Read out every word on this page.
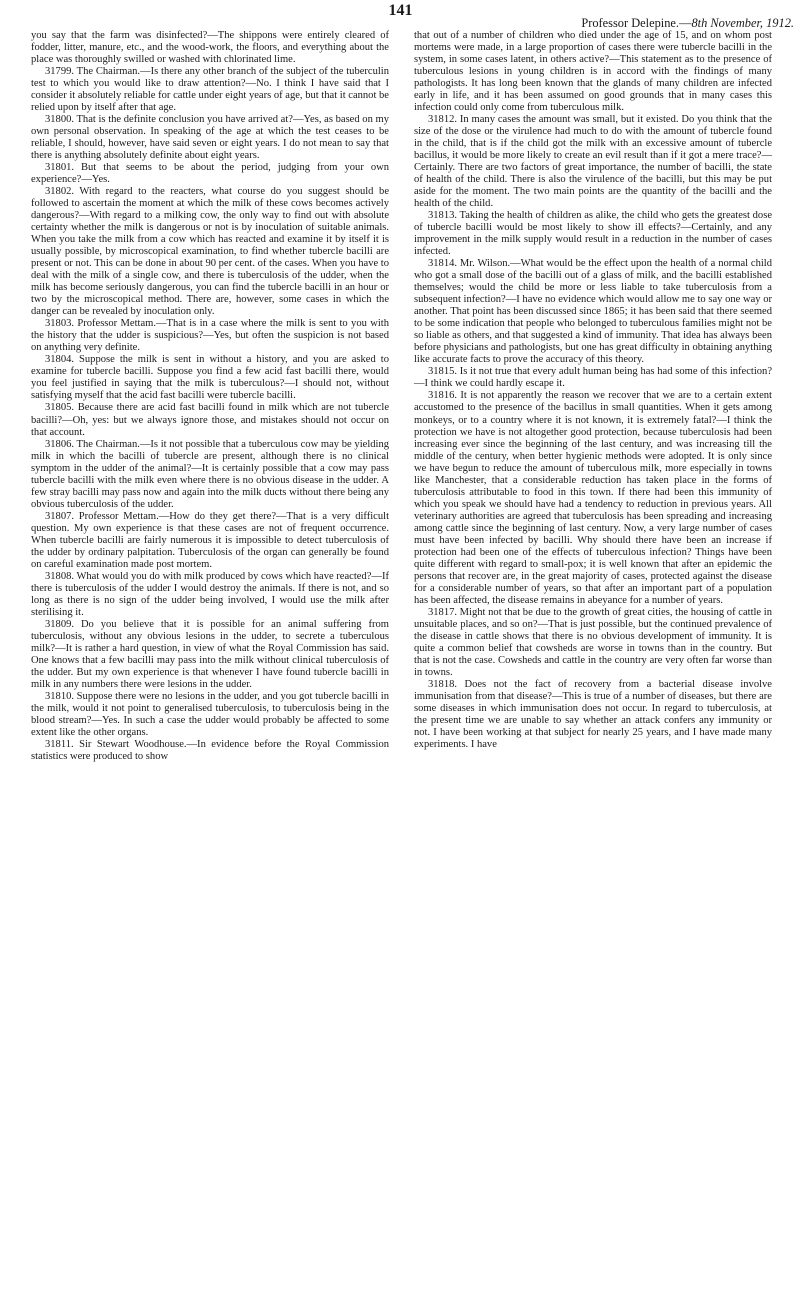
141
Professor Delepine.—8th November, 1912.

you say that the farm was disinfected?—The shippons were entirely cleared of fodder, litter, manure, etc., and the wood-work, the floors, and everything about the place was thoroughly swilled or washed with chlorinated lime.

31799. The Chairman.—Is there any other branch of the subject of the tuberculin test to which you would like to draw attention?—No. I think I have said that I consider it absolutely reliable for cattle under eight years of age, but that it cannot be relied upon by itself after that age.

31800. That is the definite conclusion you have arrived at?—Yes, as based on my own personal observation. In speaking of the age at which the test ceases to be reliable, I should, however, have said seven or eight years. I do not mean to say that there is anything absolutely definite about eight years.

31801. But that seems to be about the period, judging from your own experience?—Yes.

31802. With regard to the reacters, what course do you suggest should be followed to ascertain the moment at which the milk of these cows becomes actively dangerous?—With regard to a milking cow, the only way to find out with absolute certainty whether the milk is dangerous or not is by inoculation of suitable animals. When you take the milk from a cow which has reacted and examine it by itself it is usually possible, by microscopical examination, to find whether tubercle bacilli are present or not. This can be done in about 90 per cent. of the cases. When you have to deal with the milk of a single cow, and there is tuberculosis of the udder, when the milk has become seriously dangerous, you can find the tubercle bacilli in an hour or two by the microscopical method. There are, however, some cases in which the danger can be revealed by inoculation only.

31803. Professor Mettam.—That is in a case where the milk is sent to you with the history that the udder is suspicious?—Yes, but often the suspicion is not based on anything very definite.

31804. Suppose the milk is sent in without a history, and you are asked to examine for tubercle bacilli. Suppose you find a few acid fast bacilli there, would you feel justified in saying that the milk is tuberculous?—I should not, without satisfying myself that the acid fast bacilli were tubercle bacilli.

31805. Because there are acid fast bacilli found in milk which are not tubercle bacilli?—Oh, yes: but we always ignore those, and mistakes should not occur on that account.

31806. The Chairman.—Is it not possible that a tuberculous cow may be yielding milk in which the bacilli of tubercle are present, although there is no clinical symptom in the udder of the animal?—It is certainly possible that a cow may pass tubercle bacilli with the milk even where there is no obvious disease in the udder. A few stray bacilli may pass now and again into the milk ducts without there being any obvious tuberculosis of the udder.

31807. Professor Mettam.—How do they get there?—That is a very difficult question. My own experience is that these cases are not of frequent occurrence. When tubercle bacilli are fairly numerous it is impossible to detect tuberculosis of the udder by ordinary palpitation. Tuberculosis of the organ can generally be found on careful examination made post mortem.

31808. What would you do with milk produced by cows which have reacted?—If there is tuberculosis of the udder I would destroy the animals. If there is not, and so long as there is no sign of the udder being involved, I would use the milk after sterilising it.

31809. Do you believe that it is possible for an animal suffering from tuberculosis, without any obvious lesions in the udder, to secrete a tuberculous milk?—It is rather a hard question, in view of what the Royal Commission has said. One knows that a few bacilli may pass into the milk without clinical tuberculosis of the udder. But my own experience is that whenever I have found tubercle bacilli in milk in any numbers there were lesions in the udder.

31810. Suppose there were no lesions in the udder, and you got tubercle bacilli in the milk, would it not point to generalised tuberculosis, to tuberculosis being in the blood stream?—Yes. In such a case the udder would probably be affected to some extent like the other organs.

31811. Sir Stewart Woodhouse.—In evidence before the Royal Commission statistics were produced to show

that out of a number of children who died under the age of 15, and on whom post mortems were made, in a large proportion of cases there were tubercle bacilli in the system, in some cases latent, in others active?—This statement as to the presence of tuberculous lesions in young children is in accord with the findings of many pathologists. It has long been known that the glands of many children are infected early in life, and it has been assumed on good grounds that in many cases this infection could only come from tuberculous milk.

31812. In many cases the amount was small, but it existed. Do you think that the size of the dose or the virulence had much to do with the amount of tubercle found in the child, that is if the child got the milk with an excessive amount of tubercle bacillus, it would be more likely to create an evil result than if it got a mere trace?—Certainly. There are two factors of great importance, the number of bacilli, the state of health of the child. There is also the virulence of the bacilli, but this may be put aside for the moment. The two main points are the quantity of the bacilli and the health of the child.

31813. Taking the health of children as alike, the child who gets the greatest dose of tubercle bacilli would be most likely to show ill effects?—Certainly, and any improvement in the milk supply would result in a reduction in the number of cases infected.

31814. Mr. Wilson.—What would be the effect upon the health of a normal child who got a small dose of the bacilli out of a glass of milk, and the bacilli established themselves; would the child be more or less liable to take tuberculosis from a subsequent infection?—I have no evidence which would allow me to say one way or another. That point has been discussed since 1865; it has been said that there seemed to be some indication that people who belonged to tuberculous families might not be so liable as others, and that suggested a kind of immunity. That idea has always been before physicians and pathologists, but one has great difficulty in obtaining anything like accurate facts to prove the accuracy of this theory.

31815. Is it not true that every adult human being has had some of this infection?—I think we could hardly escape it.

31816. It is not apparently the reason we recover that we are to a certain extent accustomed to the presence of the bacillus in small quantities. When it gets among monkeys, or to a country where it is not known, it is extremely fatal?—I think the protection we have is not altogether good protection, because tuberculosis had been increasing ever since the beginning of the last century, and was increasing till the middle of the century, when better hygienic methods were adopted. It is only since we have begun to reduce the amount of tuberculous milk, more especially in towns like Manchester, that a considerable reduction has taken place in the forms of tuberculosis attributable to food in this town. If there had been this immunity of which you speak we should have had a tendency to reduction in previous years. All veterinary authorities are agreed that tuberculosis has been spreading and increasing among cattle since the beginning of last century. Now, a very large number of cases must have been infected by bacilli. Why should there have been an increase if protection had been one of the effects of tuberculous infection? Things have been quite different with regard to small-pox; it is well known that after an epidemic the persons that recover are, in the great majority of cases, protected against the disease for a considerable number of years, so that after an important part of a population has been affected, the disease remains in abeyance for a number of years.

31817. Might not that be due to the growth of great cities, the housing of cattle in unsuitable places, and so on?—That is just possible, but the continued prevalence of the disease in cattle shows that there is no obvious development of immunity. It is quite a common belief that cowsheds are worse in towns than in the country. But that is not the case. Cowsheds and cattle in the country are very often far worse than in towns.

31818. Does not the fact of recovery from a bacterial disease involve immunisation from that disease?—This is true of a number of diseases, but there are some diseases in which immunisation does not occur. In regard to tuberculosis, at the present time we are unable to say whether an attack confers any immunity or not. I have been working at that subject for nearly 25 years, and I have made many experiments. I have
